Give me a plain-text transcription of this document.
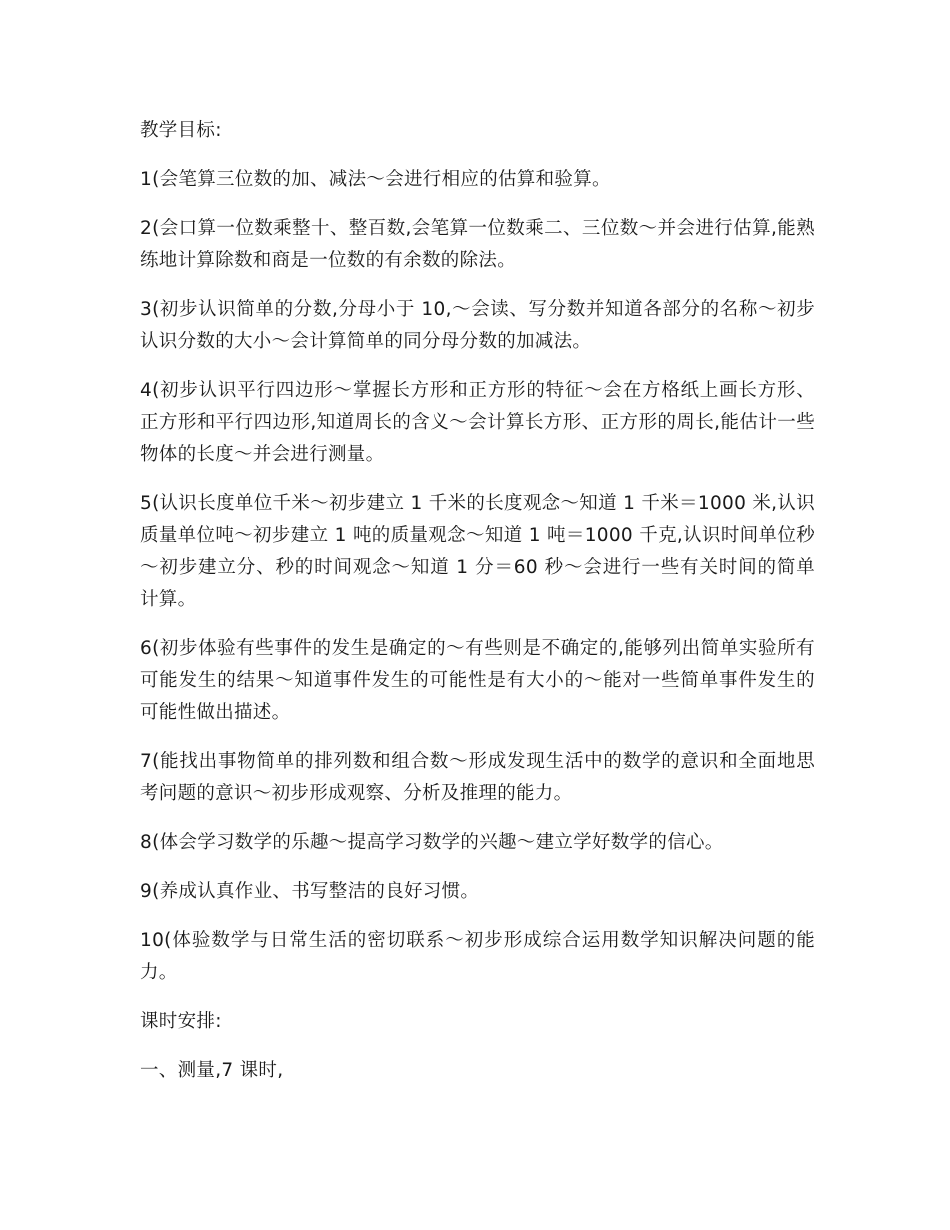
教学目标:

1(会笔算三位数的加、减法～会进行相应的估算和验算。

2(会口算一位数乘整十、整百数,会笔算一位数乘二、三位数～并会进行估算,能熟练地计算除数和商是一位数的有余数的除法。

3(初步认识简单的分数,分母小于 10,～会读、写分数并知道各部分的名称～初步认识分数的大小～会计算简单的同分母分数的加减法。

4(初步认识平行四边形～掌握长方形和正方形的特征～会在方格纸上画长方形、正方形和平行四边形,知道周长的含义～会计算长方形、正方形的周长,能估计一些物体的长度～并会进行测量。

5(认识长度单位千米～初步建立 1 千米的长度观念～知道 1 千米＝1000 米,认识质量单位吨～初步建立 1 吨的质量观念～知道 1 吨＝1000 千克,认识时间单位秒～初步建立分、秒的时间观念～知道 1 分＝60 秒～会进行一些有关时间的简单计算。

6(初步体验有些事件的发生是确定的～有些则是不确定的,能够列出简单实验所有可能发生的结果～知道事件发生的可能性是有大小的～能对一些简单事件发生的可能性做出描述。

7(能找出事物简单的排列数和组合数～形成发现生活中的数学的意识和全面地思考问题的意识～初步形成观察、分析及推理的能力。

8(体会学习数学的乐趣～提高学习数学的兴趣～建立学好数学的信心。

9(养成认真作业、书写整洁的良好习惯。

10(体验数学与日常生活的密切联系～初步形成综合运用数学知识解决问题的能力。

课时安排:

一、测量,7 课时,
